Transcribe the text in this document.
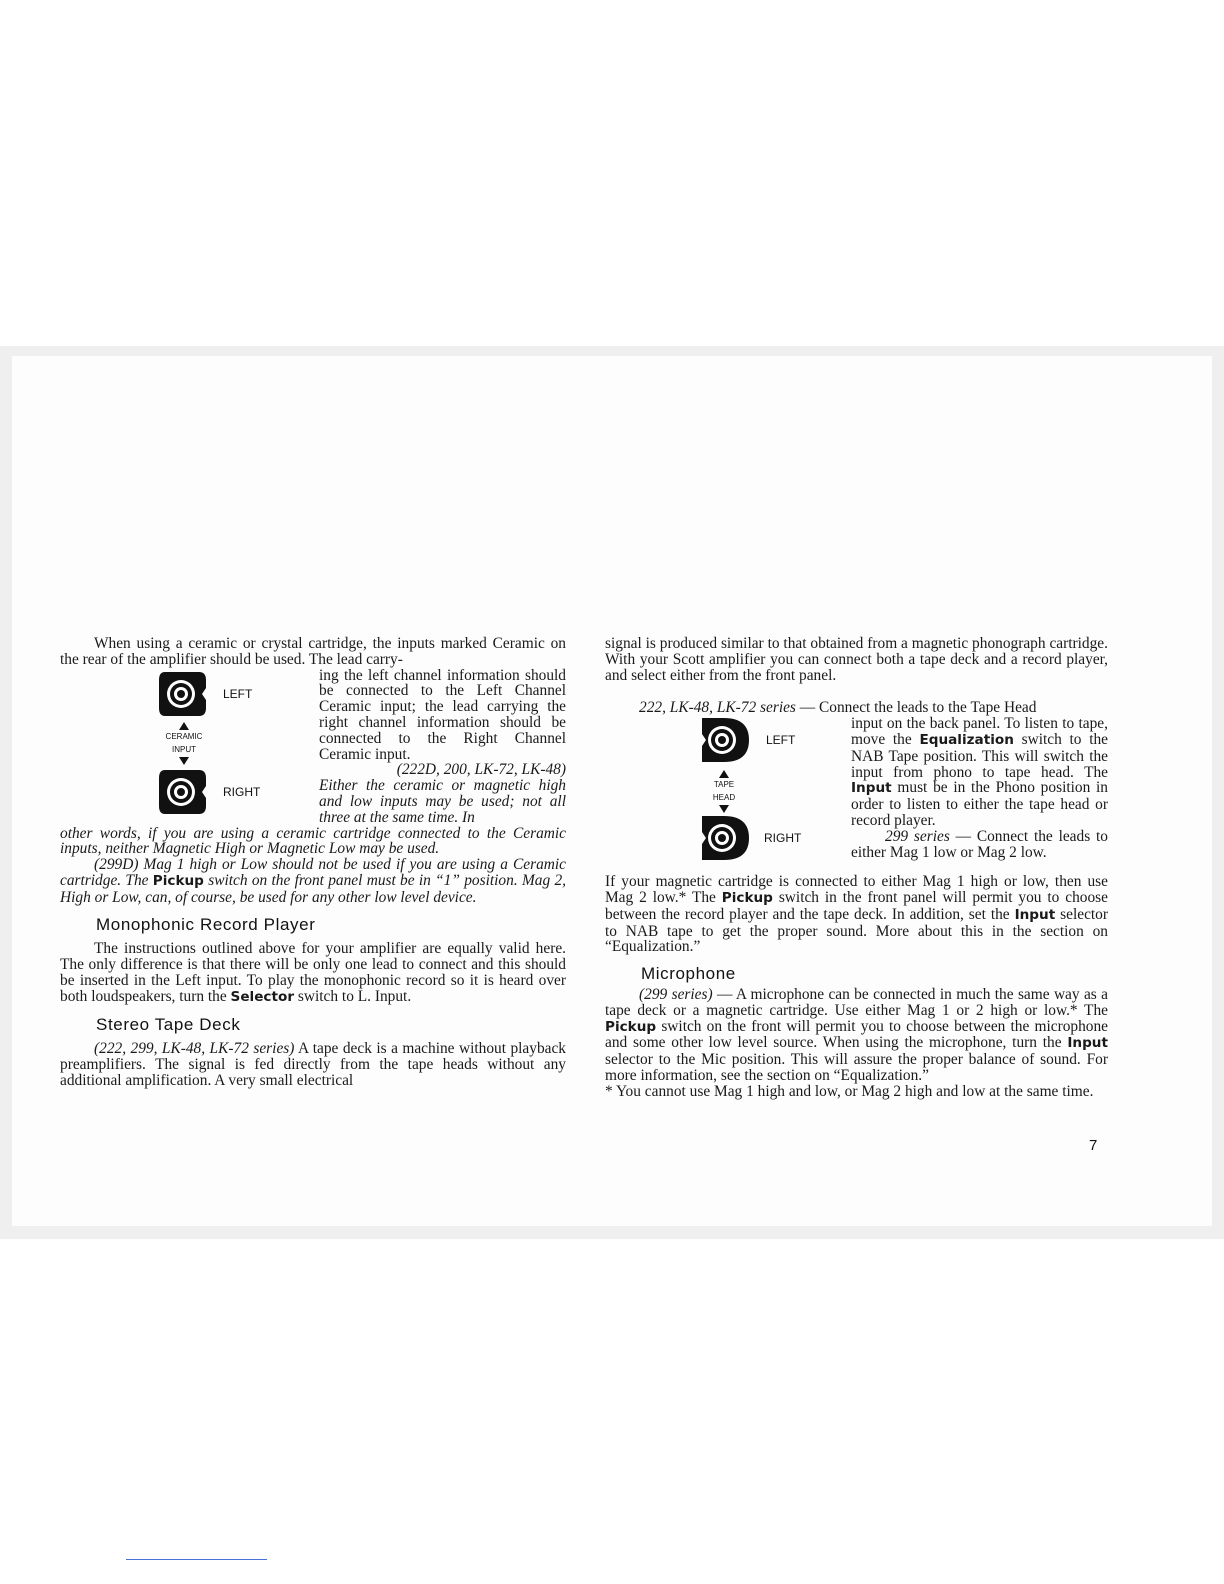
When using a ceramic or crystal cartridge, the inputs marked Ceramic on the rear of the amplifier should be used. The lead carry-

LEFT
CERAMIC
INPUT
RIGHT

ing the left channel information should be connected to the Left Channel Ceramic input; the lead carrying the right channel information should be connected to the Right Channel Ceramic input.

(222D, 200, LK-72, LK-48)

Either the ceramic or magnetic high and low inputs may be used; not all three at the same time. In

other words, if you are using a ceramic cartridge connected to the Ceramic inputs, neither Magnetic High or Magnetic Low may be used.

(299D) Mag 1 high or Low should not be used if you are using a Ceramic cartridge. The Pickup switch on the front panel must be in “1” position. Mag 2, High or Low, can, of course, be used for any other low level device.

Monophonic Record Player

The instructions outlined above for your amplifier are equally valid here. The only difference is that there will be only one lead to connect and this should be inserted in the Left input. To play the monophonic record so it is heard over both loudspeakers, turn the Selector switch to L. Input.

Stereo Tape Deck

(222, 299, LK-48, LK-72 series) A tape deck is a machine without playback preamplifiers. The signal is fed directly from the tape heads without any additional amplification. A very small electrical

signal is produced similar to that obtained from a magnetic phonograph cartridge. With your Scott amplifier you can connect both a tape deck and a record player, and select either from the front panel.

222, LK-48, LK-72 series — Connect the leads to the Tape Head

LEFT
TAPE
HEAD
RIGHT

input on the back panel. To listen to tape, move the Equalization switch to the NAB Tape position. This will switch the input from phono to tape head. The Input must be in the Phono position in order to listen to either the tape head or record player.

299 series — Connect the leads to either Mag 1 low or Mag 2 low.

If your magnetic cartridge is connected to either Mag 1 high or low, then use Mag 2 low.* The Pickup switch in the front panel will permit you to choose between the record player and the tape deck. In addition, set the Input selector to NAB tape to get the proper sound. More about this in the section on “Equalization.”

Microphone

(299 series) — A microphone can be connected in much the same way as a tape deck or a magnetic cartridge. Use either Mag 1 or 2 high or low.* The Pickup switch on the front will permit you to choose between the microphone and some other low level source. When using the microphone, turn the Input selector to the Mic position. This will assure the proper balance of sound. For more information, see the section on “Equalization.”

* You cannot use Mag 1 high and low, or Mag 2 high and low at the same time.

7
